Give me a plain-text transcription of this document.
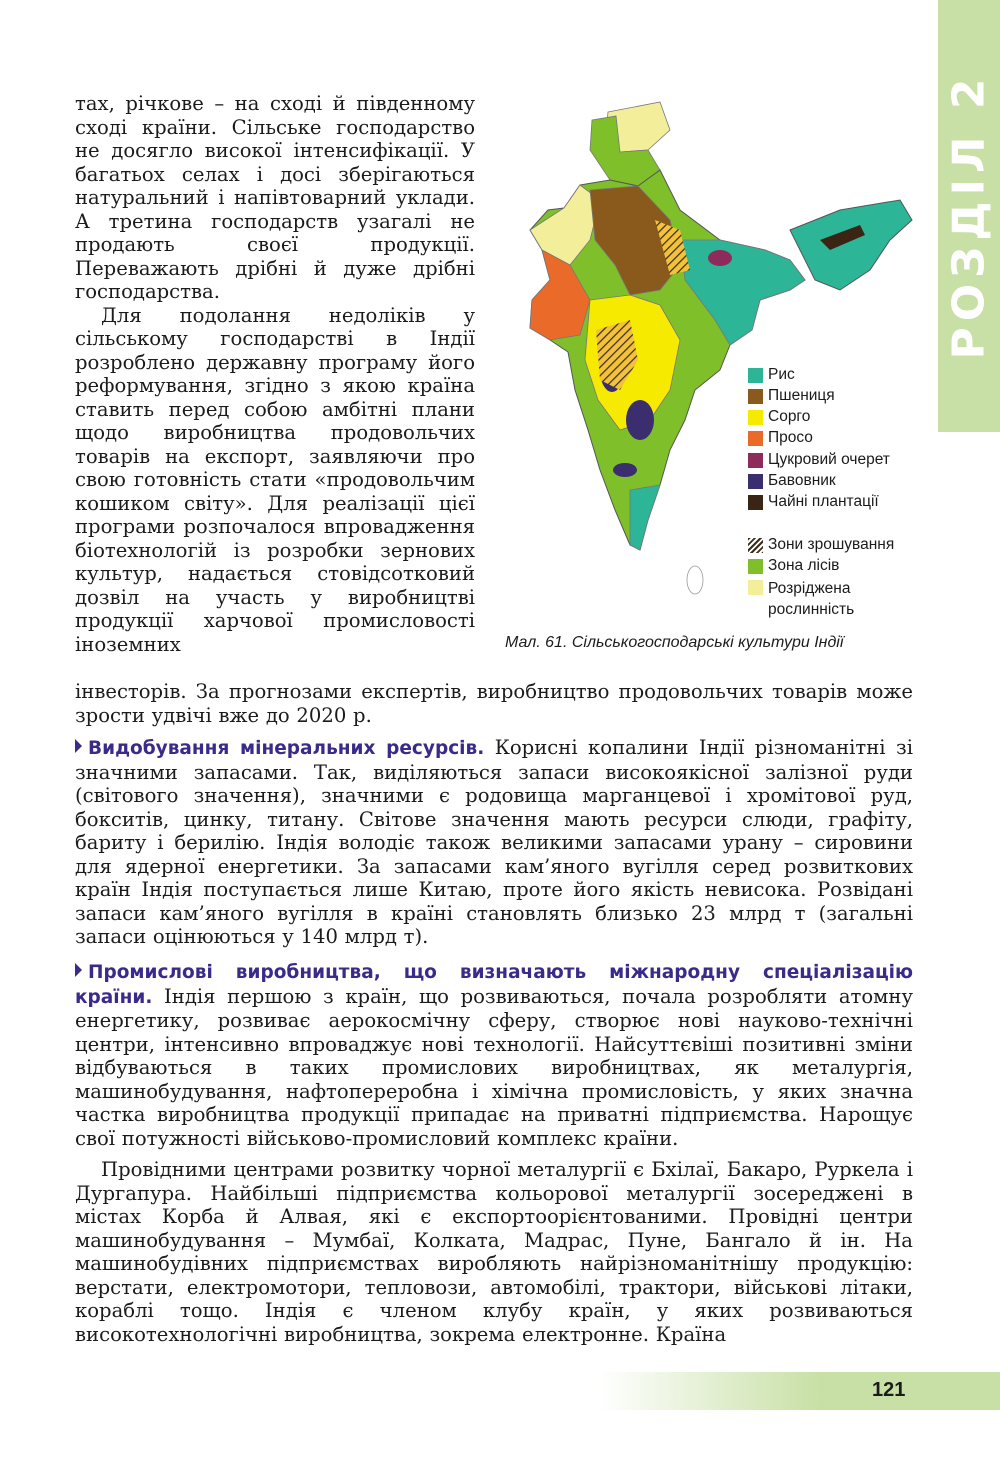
РОЗДІЛ 2

тах, річкове – на сході й південному сході країни. Сільське господарство не досягло високої інтенсифікації. У багатьох селах і досі зберігаються натуральний і напівтоварний уклади. А третина господарств узагалі не продають своєї продукції. Переважають дрібні й дуже дрібні господарства.

Для подолання недоліків у сільському господарстві в Індії розроблено державну програму його реформування, згідно з якою країна ставить перед собою амбітні плани щодо виробництва продовольчих товарів на експорт, заявляючи про свою готовність стати «продовольчим кошиком світу». Для реалізації цієї програми розпочалося впровадження біотехнологій із розробки зернових культур, надається стовідсотковий дозвіл на участь у виробництві продукції харчової промисловості іноземних

Рис
Пшениця
Сорго
Просо
Цукровий очерет
Бавовник
Чайні плантації
Зони зрошування
Зона лісів
Розріджена рослинність
Мал. 61. Сільськогосподарські культури Індії
інвесторів. За прогнозами експертів, виробництво продовольчих товарів може зрости удвічі вже до 2020 р.
Видобування мінеральних ресурсів. Корисні копалини Індії різноманітні зі значними запасами. Так, виділяються запаси високоякісної залізної руди (світового значення), значними є родовища марганцевої і хромітової руд, бокситів, цинку, титану. Світове значення мають ресурси слюди, графіту, бариту і берилію. Індія володіє також великими запасами урану – сировини для ядерної енергетики. За запасами кам’яного вугілля серед розвиткових країн Індія поступається лише Китаю, проте його якість невисока. Розвідані запаси кам’яного вугілля в країні становлять близько 23 млрд т (загальні запаси оцінюються у 140 млрд т).
Промислові виробництва, що визначають міжнародну спеціалізацію країни. Індія першою з країн, що розвиваються, почала розробляти атомну енергетику, розвиває аерокосмічну сферу, створює нові науково-технічні центри, інтенсивно впроваджує нові технології. Найсуттєвіші позитивні зміни відбуваються в таких промислових виробництвах, як металургія, машинобудування, нафтопереробна і хімічна промисловість, у яких значна частка виробництва продукції припадає на приватні підприємства. Нарощує свої потужності військово-промисловий комплекс країни.
Провідними центрами розвитку чорної металургії є Бхілаї, Бакаро, Руркела і Дургапура. Найбільші підприємства кольорової металургії зосереджені в містах Корба й Алвая, які є експортоорієнтованими. Провідні центри машинобудування – Мумбаї, Колката, Мадрас, Пуне, Бангало й ін. На машинобудівних підприємствах виробляють найрізноманітнішу продукцію: верстати, електромотори, тепловози, автомобілі, трактори, військові літаки, кораблі тощо. Індія є членом клубу країн, у яких розвиваються високотехнологічні виробництва, зокрема електронне. Країна
121
